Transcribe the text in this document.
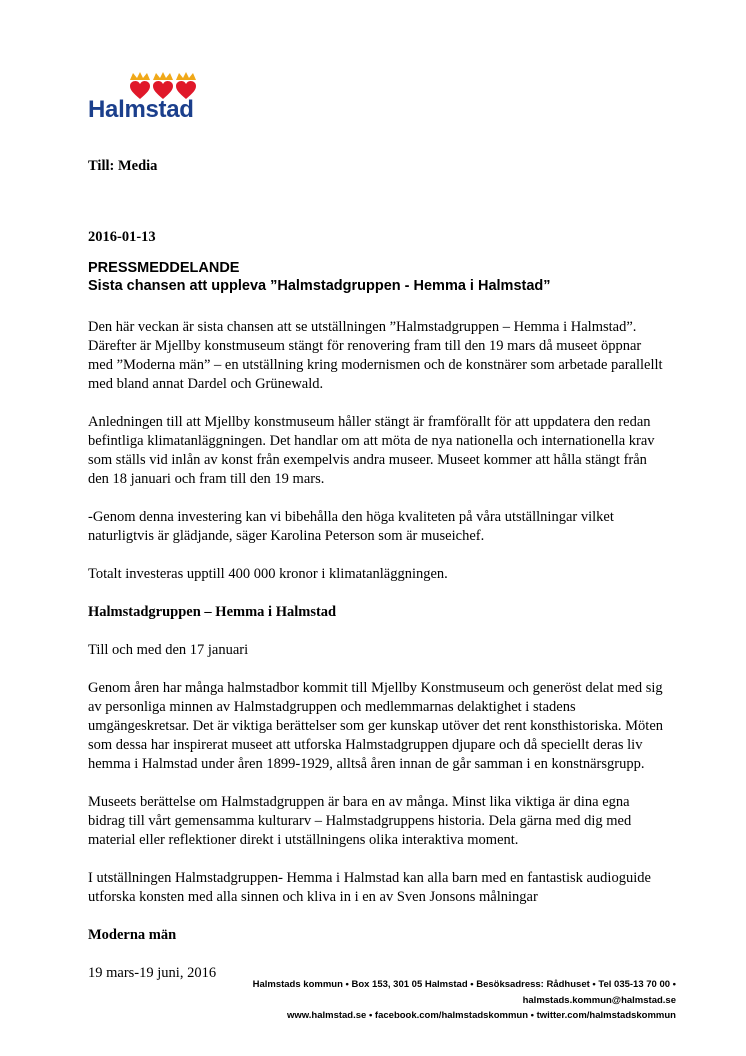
Halmstad
Till: Media
2016-01-13
PRESSMEDDELANDE
Sista chansen att uppleva ”Halmstadgruppen - Hemma i Halmstad”

Den här veckan är sista chansen att se utställningen ”Halmstadgruppen – Hemma i Halmstad”. Därefter är Mjellby konstmuseum stängt för renovering fram till den 19 mars då museet öppnar med ”Moderna män” – en utställning kring modernismen och de konstnärer som arbetade parallellt med bland annat Dardel och Grünewald.

Anledningen till att Mjellby konstmuseum håller stängt är framförallt för att uppdatera den redan befintliga klimatanläggningen. Det handlar om att möta de nya nationella och internationella krav som ställs vid inlån av konst från exempelvis andra museer. Museet kommer att hålla stängt från den 18 januari och fram till den 19 mars.

-Genom denna investering kan vi bibehålla den höga kvaliteten på våra utställningar vilket naturligtvis är glädjande, säger Karolina Peterson som är museichef.

Totalt investeras upptill 400 000 kronor i klimatanläggningen.

Halmstadgruppen – Hemma i Halmstad

Till och med den 17 januari

Genom åren har många halmstadbor kommit till Mjellby Konstmuseum och generöst delat med sig av personliga minnen av Halmstadgruppen och medlemmarnas delaktighet i stadens umgängeskretsar. Det är viktiga berättelser som ger kunskap utöver det rent konsthistoriska. Möten som dessa har inspirerat museet att utforska Halmstadgruppen djupare och då speciellt deras liv hemma i Halmstad under åren 1899-1929, alltså åren innan de går samman i en konstnärsgrupp.

Museets berättelse om Halmstadgruppen är bara en av många. Minst lika viktiga är dina egna bidrag till vårt gemensamma kulturarv – Halmstadgruppens historia. Dela gärna med dig med material eller reflektioner direkt i utställningens olika interaktiva moment.

I utställningen Halmstadgruppen- Hemma i Halmstad kan alla barn med en fantastisk audioguide utforska konsten med alla sinnen och kliva in i en av Sven Jonsons målningar

Moderna män

19 mars-19 juni, 2016

Halmstads kommun • Box 153, 301 05 Halmstad • Besöksadress: Rådhuset • Tel 035-13 70 00 •
halmstads.kommun@halmstad.se
www.halmstad.se • facebook.com/halmstadskommun • twitter.com/halmstadskommun
